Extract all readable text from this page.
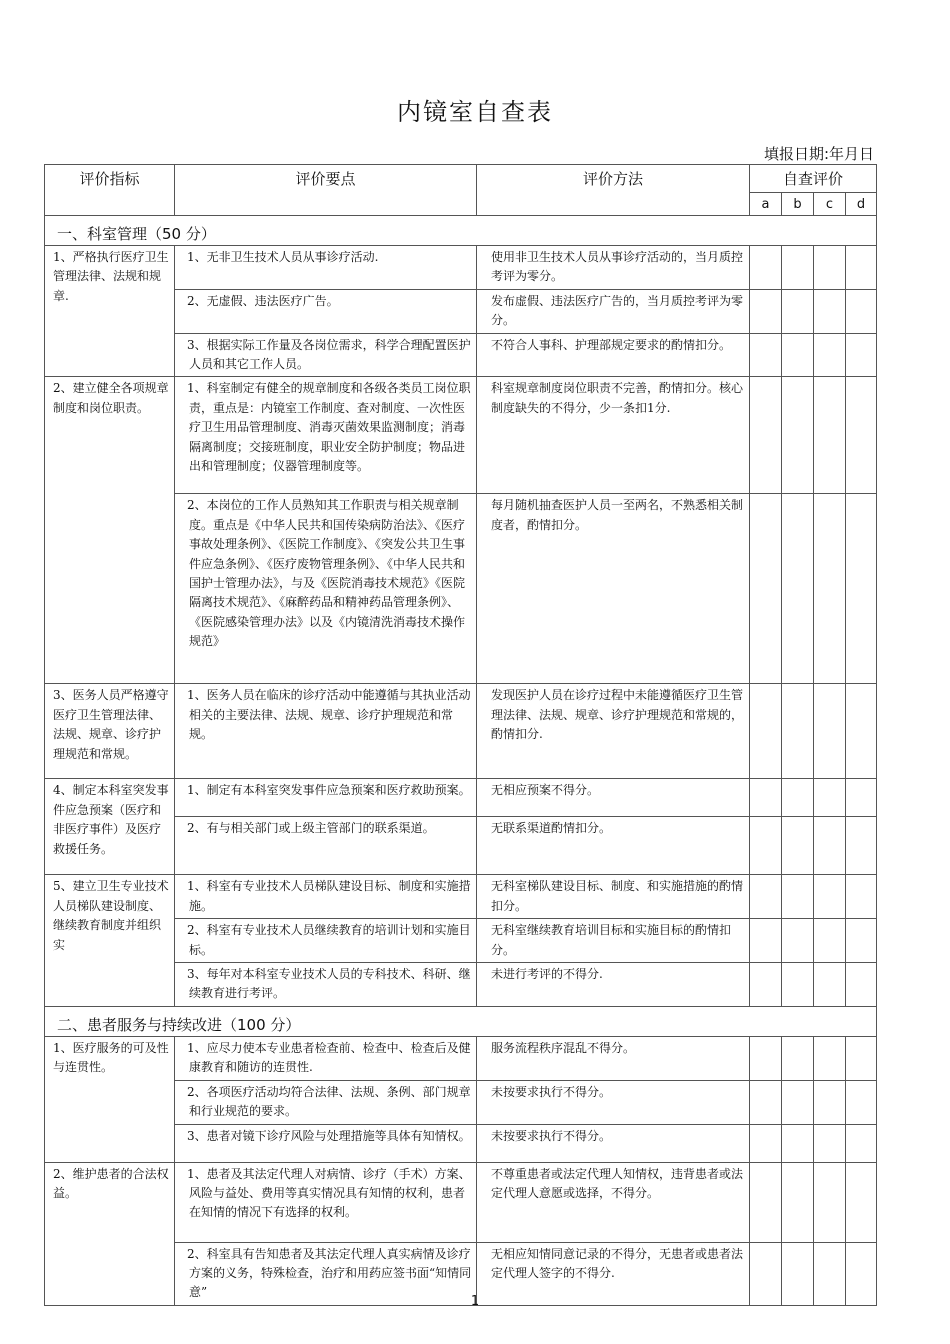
内镜室自查表
填报日期:年月日
评价指标	评价要点	评价方法	自查评价			
			a	b	c	d
一、科室管理（50 分）						
1、严格执行医疗卫生管理法律、法规和规章.	1、无非卫生技术人员从事诊疗活动.	使用非卫生技术人员从事诊疗活动的，当月质控考评为零分。				
	2、无虚假、违法医疗广告。	发布虚假、违法医疗广告的，当月质控考评为零分。				
	3、根据实际工作量及各岗位需求，科学合理配置医护人员和其它工作人员。	不符合人事科、护理部规定要求的酌情扣分。				
2、建立健全各项规章制度和岗位职责。	1、科室制定有健全的规章制度和各级各类员工岗位职责，重点是：内镜室工作制度、查对制度、一次性医疗卫生用品管理制度、消毒灭菌效果监测制度；消毒隔离制度；交接班制度，职业安全防护制度；物品进出和管理制度；仪器管理制度等。	科室规章制度岗位职责不完善，酌情扣分。核心制度缺失的不得分，少一条扣1分.				
	2、本岗位的工作人员熟知其工作职责与相关规章制度。重点是《中华人民共和国传染病防治法》、《医疗事故处理条例》、《医院工作制度》、《突发公共卫生事件应急条例》、《医疗废物管理条例》、《中华人民共和国护士管理办法》，与及《医院消毒技术规范》《医院隔离技术规范》、《麻醉药品和精神药品管理条例》、《医院感染管理办法》以及《内镜清洗消毒技术操作规范》	每月随机抽查医护人员一至两名，不熟悉相关制度者，酌情扣分。				
3、医务人员严格遵守医疗卫生管理法律、法规、规章、诊疗护理规范和常规。	1、医务人员在临床的诊疗活动中能遵循与其执业活动相关的主要法律、法规、规章、诊疗护理规范和常规。	发现医护人员在诊疗过程中未能遵循医疗卫生管理法律、法规、规章、诊疗护理规范和常规的，酌情扣分.				
4、制定本科室突发事件应急预案（医疗和非医疗事件）及医疗救援任务。	1、制定有本科室突发事件应急预案和医疗救助预案。	无相应预案不得分。				
	2、有与相关部门或上级主管部门的联系渠道。	无联系渠道酌情扣分。				
5、建立卫生专业技术人员梯队建设制度、继续教育制度并组织实	1、科室有专业技术人员梯队建设目标、制度和实施措施。	无科室梯队建设目标、制度、和实施措施的酌情扣分。				
	2、科室有专业技术人员继续教育的培训计划和实施目标。	无科室继续教育培训目标和实施目标的酌情扣分。				
	3、每年对本科室专业技术人员的专科技术、科研、继续教育进行考评。	未进行考评的不得分.				
二、患者服务与持续改进（100 分）						
1、医疗服务的可及性与连贯性。	1、应尽力使本专业患者检查前、检查中、检查后及健康教育和随访的连贯性.	服务流程秩序混乱不得分。				
	2、各项医疗活动均符合法律、法规、条例、部门规章和行业规范的要求。	未按要求执行不得分。				
	3、患者对镜下诊疗风险与处理措施等具体有知情权。	未按要求执行不得分。				
2、维护患者的合法权益。	1、患者及其法定代理人对病情、诊疗（手术）方案、风险与益处、费用等真实情况具有知情的权利，患者在知情的情况下有选择的权利。	不尊重患者或法定代理人知情权，违背患者或法定代理人意愿或选择，不得分。				
	2、科室具有告知患者及其法定代理人真实病情及诊疗方案的义务，特殊检查，治疗和用药应签书面“知情同意”	无相应知情同意记录的不得分，无患者或患者法定代理人签字的不得分.				
1
